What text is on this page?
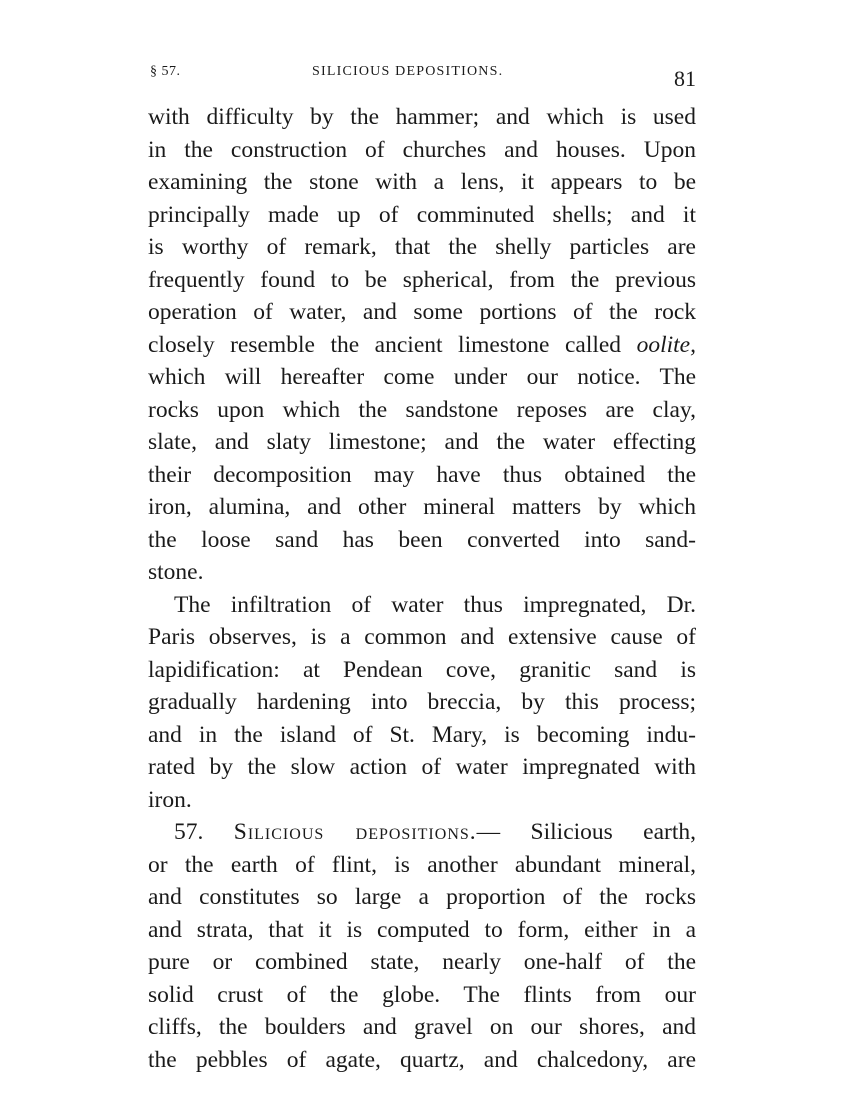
§ 57.	SILICIOUS DEPOSITIONS.	81
with difficulty by the hammer; and which is used
in the construction of churches and houses. Upon
examining the stone with a lens, it appears to be
principally made up of comminuted shells; and it
is worthy of remark, that the shelly particles are
frequently found to be spherical, from the previous
operation of water, and some portions of the rock
closely resemble the ancient limestone called oolite,
which will hereafter come under our notice. The
rocks upon which the sandstone reposes are clay,
slate, and slaty limestone; and the water effecting
their decomposition may have thus obtained the
iron, alumina, and other mineral matters by which
the loose sand has been converted into sand-
stone.
The infiltration of water thus impregnated, Dr.
Paris observes, is a common and extensive cause of
lapidification: at Pendean cove, granitic sand is
gradually hardening into breccia, by this process;
and in the island of St. Mary, is becoming indu-
rated by the slow action of water impregnated with
iron.
57. Silicious depositions.— Silicious earth,
or the earth of flint, is another abundant mineral,
and constitutes so large a proportion of the rocks
and strata, that it is computed to form, either in a
pure or combined state, nearly one-half of the
solid crust of the globe. The flints from our
cliffs, the boulders and gravel on our shores, and
the pebbles of agate, quartz, and chalcedony, are
